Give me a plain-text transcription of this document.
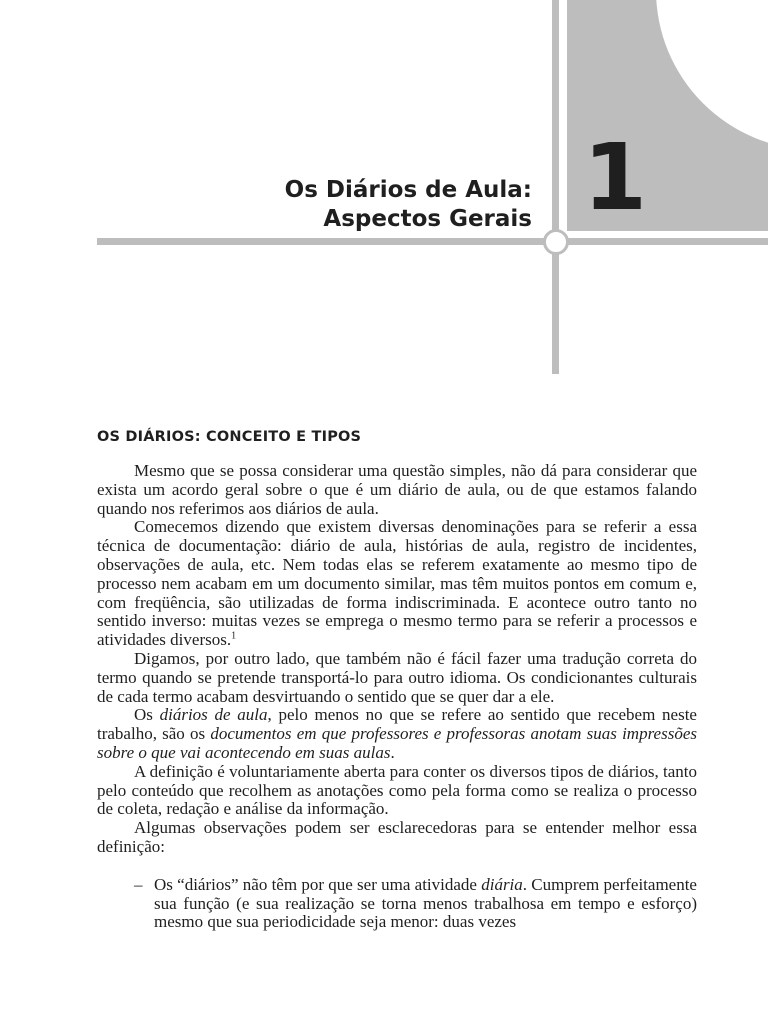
1
Os Diários de Aula:
Aspectos Gerais
OS DIÁRIOS: CONCEITO E TIPOS

Mesmo que se possa considerar uma questão simples, não dá para considerar que exista um acordo geral sobre o que é um diário de aula, ou de que estamos falando quando nos referimos aos diários de aula.

Comecemos dizendo que existem diversas denominações para se referir a essa técnica de documentação: diário de aula, histórias de aula, registro de incidentes, observações de aula, etc. Nem todas elas se referem exatamente ao mesmo tipo de processo nem acabam em um documento similar, mas têm muitos pontos em comum e, com freqüência, são utilizadas de forma indiscriminada. E acontece outro tanto no sentido inverso: muitas vezes se emprega o mesmo termo para se referir a processos e atividades diversos.$^1$

Digamos, por outro lado, que também não é fácil fazer uma tradução correta do termo quando se pretende transportá-lo para outro idioma. Os condicionantes culturais de cada termo acabam desvirtuando o sentido que se quer dar a ele.

Os diários de aula, pelo menos no que se refere ao sentido que recebem neste trabalho, são os documentos em que professores e professoras anotam suas impressões sobre o que vai acontecendo em suas aulas.

A definição é voluntariamente aberta para conter os diversos tipos de diários, tanto pelo conteúdo que recolhem as anotações como pela forma como se realiza o processo de coleta, redação e análise da informação.

Algumas observações podem ser esclarecedoras para se entender melhor essa definição:

– Os “diários” não têm por que ser uma atividade diária. Cumprem perfeitamente sua função (e sua realização se torna menos trabalhosa em tempo e esforço) mesmo que sua periodicidade seja menor: duas vezes
